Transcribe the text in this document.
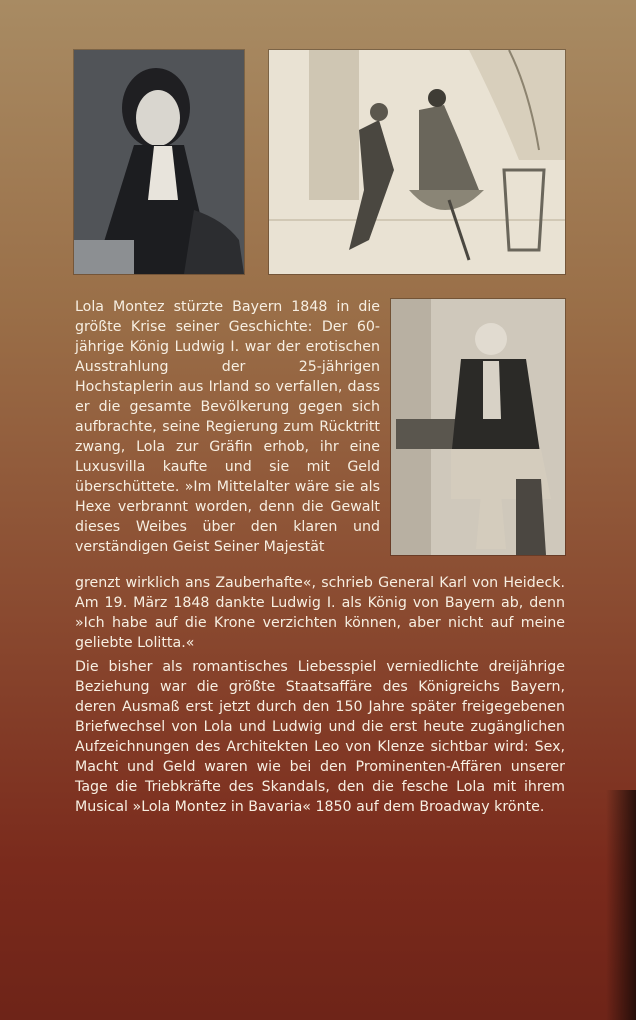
Lola Montez stürzte Bayern 1848 in die größte Krise seiner Geschichte: Der 60-jährige König Ludwig I. war der erotischen Ausstrahlung der 25-jährigen Hochstaplerin aus Irland so verfallen, dass er die gesamte Bevölkerung gegen sich aufbrachte, seine Regierung zum Rücktritt zwang, Lola zur Gräfin erhob, ihr eine Luxusvilla kaufte und sie mit Geld überschüttete. »Im Mittelalter wäre sie als Hexe verbrannt worden, denn die Gewalt dieses Weibes über den klaren und verständigen Geist Seiner Majestät

grenzt wirklich ans Zauberhafte«, schrieb General Karl von Heideck. Am 19. März 1848 dankte Ludwig I. als König von Bayern ab, denn »Ich habe auf die Krone verzichten können, aber nicht auf meine geliebte Lolitta.«

Die bisher als romantisches Liebesspiel verniedlichte dreijährige Beziehung war die größte Staatsaffäre des Königreichs Bayern, deren Ausmaß erst jetzt durch den 150 Jahre später freigegebenen Briefwechsel von Lola und Ludwig und die erst heute zugänglichen Aufzeichnungen des Architekten Leo von Klenze sichtbar wird: Sex, Macht und Geld waren wie bei den Prominenten-Affären unserer Tage die Triebkräfte des Skandals, den die fesche Lola mit ihrem Musical »Lola Montez in Bavaria« 1850 auf dem Broadway krönte.
